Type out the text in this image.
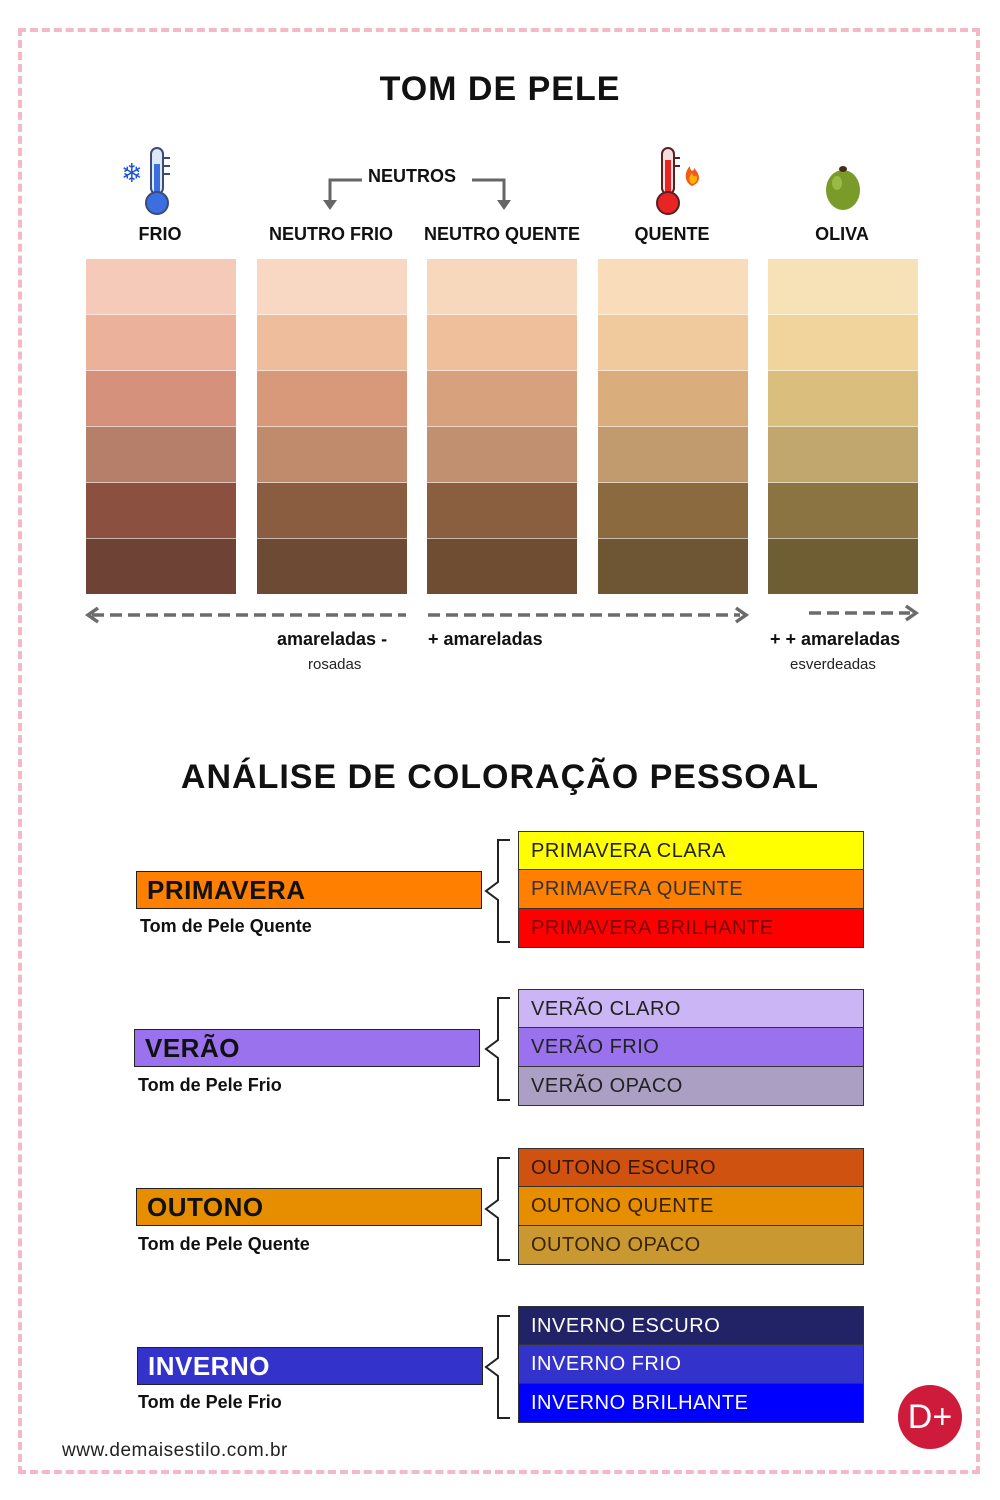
TOM DE PELE
❄	NEUTROS
FRIO	NEUTRO FRIO	NEUTRO QUENTE	QUENTE	OLIVA
amareladas -
rosadas
+ amareladas	+ + amareladas
esverdeadas
ANÁLISE DE COLORAÇÃO PESSOAL
PRIMAVERA
Tom de Pele Quente
PRIMAVERA CLARA
PRIMAVERA QUENTE
PRIMAVERA BRILHANTE
VERÃO
Tom de Pele Frio
VERÃO CLARO
VERÃO FRIO
VERÃO OPACO
OUTONO
Tom de Pele Quente
OUTONO ESCURO
OUTONO QUENTE
OUTONO OPACO
INVERNO
Tom de Pele Frio
INVERNO ESCURO
INVERNO FRIO
INVERNO BRILHANTE
www.demaisestilo.com.br
D+
